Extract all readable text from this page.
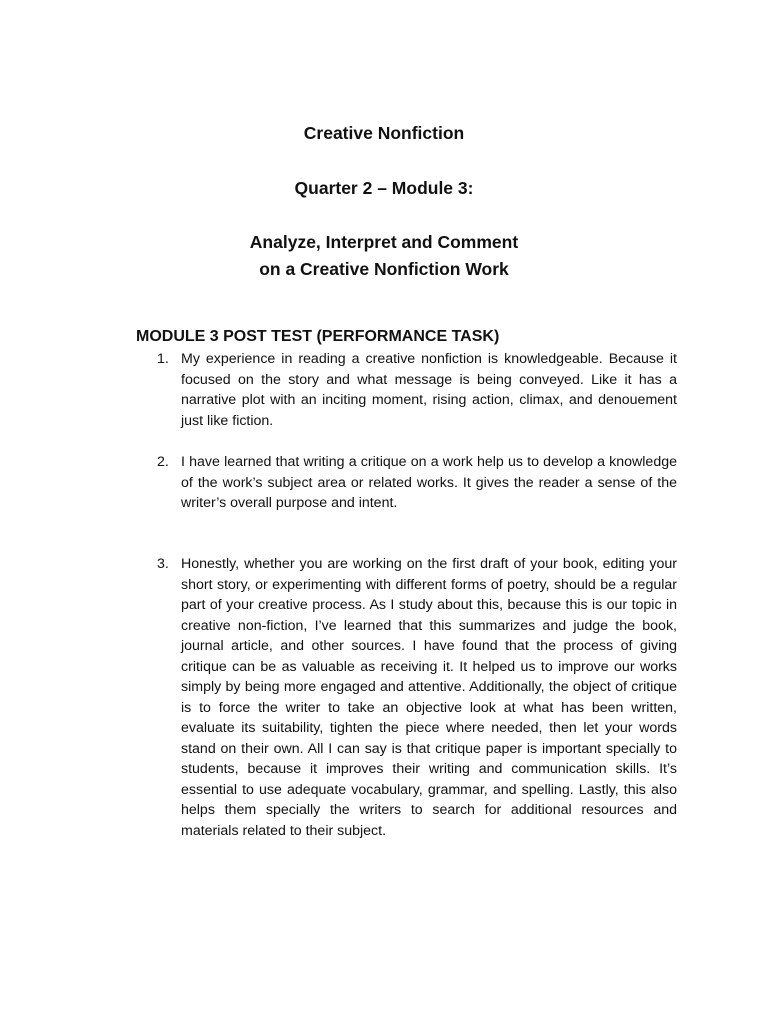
Creative Nonfiction
Quarter 2 – Module 3:
Analyze, Interpret and Comment
on a Creative Nonfiction Work
MODULE 3 POST TEST (PERFORMANCE TASK)
1. My experience in reading a creative nonfiction is knowledgeable. Because it focused on the story and what message is being conveyed. Like it has a narrative plot with an inciting moment, rising action, climax, and denouement just like fiction.

2. I have learned that writing a critique on a work help us to develop a knowledge of the work’s subject area or related works. It gives the reader a sense of the writer’s overall purpose and intent.

3. Honestly, whether you are working on the first draft of your book, editing your short story, or experimenting with different forms of poetry, should be a regular part of your creative process. As I study about this, because this is our topic in creative non-fiction, I’ve learned that this summarizes and judge the book, journal article, and other sources. I have found that the process of giving critique can be as valuable as receiving it. It helped us to improve our works simply by being more engaged and attentive. Additionally, the object of critique is to force the writer to take an objective look at what has been written, evaluate its suitability, tighten the piece where needed, then let your words stand on their own. All I can say is that critique paper is important specially to students, because it improves their writing and communication skills. It’s essential to use adequate vocabulary, grammar, and spelling. Lastly, this also helps them specially the writers to search for additional resources and materials related to their subject.
